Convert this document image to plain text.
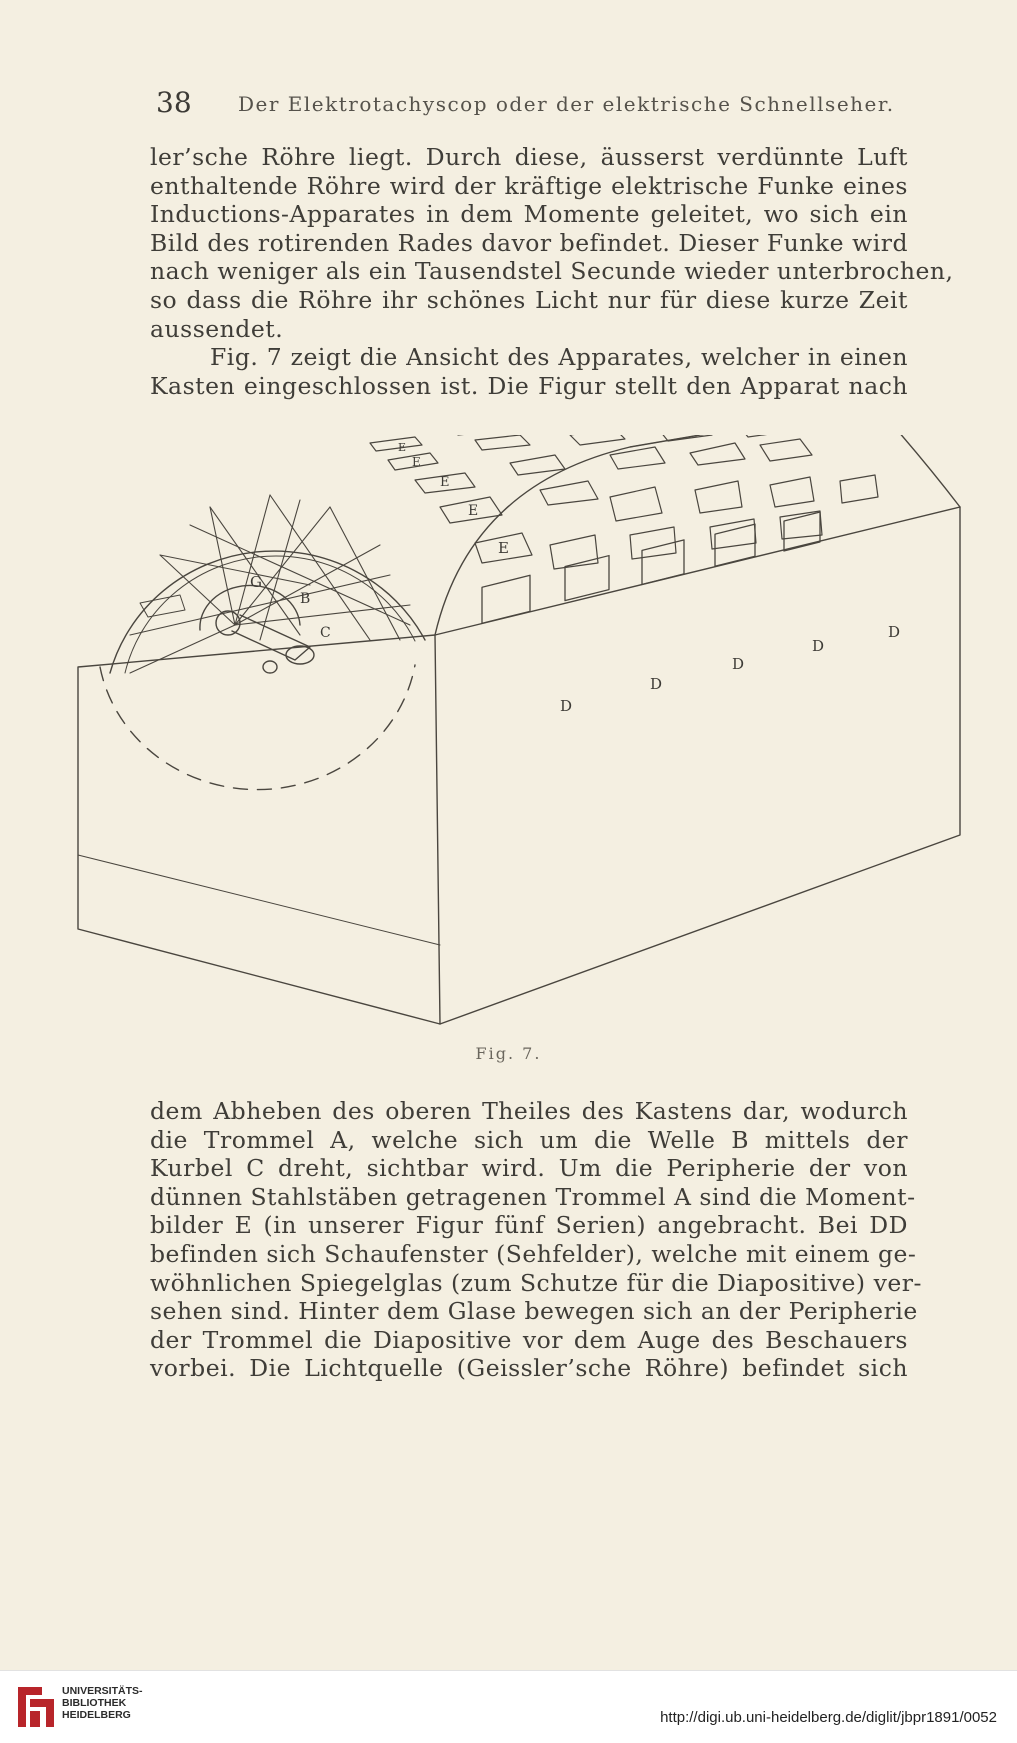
38 Der Elektrotachyscop oder der elektrische Schnellseher.

ler’sche Röhre liegt. Durch diese, äusserst verdünnte Luft

enthaltende Röhre wird der kräftige elektrische Funke eines

Inductions-Apparates in dem Momente geleitet, wo sich ein

Bild des rotirenden Rades davor befindet. Dieser Funke wird

nach weniger als ein Tausendstel Secunde wieder unterbrochen,

so dass die Röhre ihr schönes Licht nur für diese kurze Zeit

aussendet.

Fig. 7 zeigt die Ansicht des Apparates, welcher in einen

Kasten eingeschlossen ist. Die Figur stellt den Apparat nach

E
E
E
E
E
G
B
C
D
D
D
D
D
Fig. 7.

dem Abheben des oberen Theiles des Kastens dar, wodurch

die Trommel A, welche sich um die Welle B mittels der

Kurbel C dreht, sichtbar wird. Um die Peripherie der von

dünnen Stahlstäben getragenen Trommel A sind die Moment-

bilder E (in unserer Figur fünf Serien) angebracht. Bei DD

befinden sich Schaufenster (Sehfelder), welche mit einem ge-

wöhnlichen Spiegelglas (zum Schutze für die Diapositive) ver-

sehen sind. Hinter dem Glase bewegen sich an der Peripherie

der Trommel die Diapositive vor dem Auge des Beschauers

vorbei. Die Lichtquelle (Geissler’sche Röhre) befindet sich

UNIVERSITÄTS-
BIBLIOTHEK
HEIDELBERG	http://digi.ub.uni-heidelberg.de/diglit/jbpr1891/0052
